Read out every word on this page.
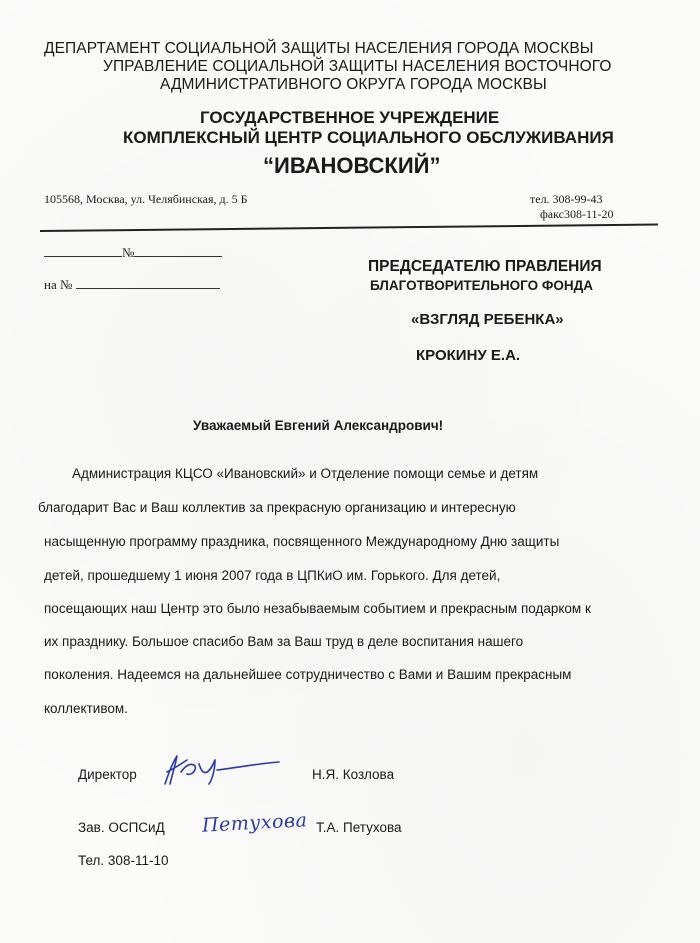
ДЕПАРТАМЕНТ СОЦИАЛЬНОЙ ЗАЩИТЫ НАСЕЛЕНИЯ ГОРОДА МОСКВЫ
УПРАВЛЕНИЕ СОЦИАЛЬНОЙ ЗАЩИТЫ НАСЕЛЕНИЯ ВОСТОЧНОГО
АДМИНИСТРАТИВНОГО ОКРУГА ГОРОДА МОСКВЫ
ГОСУДАРСТВЕННОЕ УЧРЕЖДЕНИЕ
КОМПЛЕКСНЫЙ ЦЕНТР СОЦИАЛЬНОГО ОБСЛУЖИВАНИЯ
“ИВАНОВСКИЙ”
105568, Москва, ул. Челябинская, д. 5 Б	тел. 308-99-43
факс308-11-20
№
на №
ПРЕДСЕДАТЕЛЮ ПРАВЛЕНИЯ
БЛАГОТВОРИТЕЛЬНОГО ФОНДА
«ВЗГЛЯД РЕБЕНКА»
КРОКИНУ Е.А.
Уважаемый Евгений Александрович!
Администрация КЦСО «Ивановский» и Отделение помощи семье и детям
благодарит Вас и Ваш коллектив за прекрасную организацию и интересную
насыщенную программу праздника, посвященного Международному Дню защиты
детей, прошедшему 1 июня 2007 года в ЦПКиО им. Горького. Для детей,
посещающих наш Центр это было незабываемым событием и прекрасным подарком к
их празднику. Большое спасибо Вам за Ваш труд в деле воспитания нашего
поколения. Надеемся на дальнейшее сотрудничество с Вами и Вашим прекрасным
коллективом.
Директор	Н.Я. Козлова
Зав. ОСПСиД Петухова Т.А. Петухова
Тел. 308-11-10
